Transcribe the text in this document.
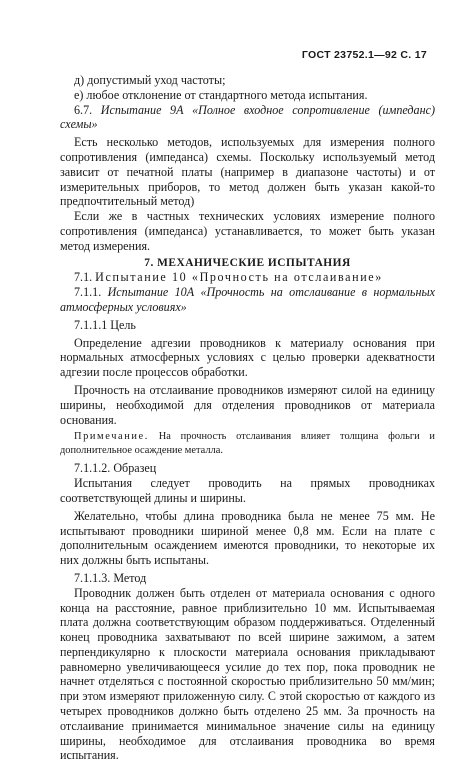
ГОСТ 23752.1—92 С. 17

д) допустимый уход частоты;

е) любое отклонение от стандартного метода испытания.

6.7. Испытание 9А «Полное входное сопротивление (импеданс) схемы»

Есть несколько методов, используемых для измерения полного сопротивления (импеданса) схемы. Поскольку используемый метод зависит от печатной платы (например в диапазоне частоты) и от измерительных приборов, то метод должен быть указан какой-то предпочтительный метод)

Если же в частных технических условиях измерение полного сопротивления (импеданса) устанавливается, то может быть указан метод измерения.

7. МЕХАНИЧЕСКИЕ ИСПЫТАНИЯ

7.1. Испытание 10 «Прочность на отслаивание»

7.1.1. Испытание 10А «Прочность на отслаивание в нормальных атмосферных условиях»

7.1.1.1 Цель

Определение адгезии проводников к материалу основания при нормальных атмосферных условиях с целью проверки адекватности адгезии после процессов обработки.

Прочность на отслаивание проводников измеряют силой на единицу ширины, необходимой для отделения проводников от материала основания.

Примечание. На прочность отслаивания влияет толщина фольги и дополнительное осаждение металла.

7.1.1.2. Образец

Испытания следует проводить на прямых проводниках соответствующей длины и ширины.

Желательно, чтобы длина проводника была не менее 75 мм. Не испытывают проводники шириной менее 0,8 мм. Если на плате с дополнительным осаждением имеются проводники, то некоторые их них должны быть испытаны.

7.1.1.3. Метод

Проводник должен быть отделен от материала основания с одного конца на расстояние, равное приблизительно 10 мм. Испытываемая плата должна соответствующим образом поддерживаться. Отделенный конец проводника захватывают по всей ширине зажимом, а затем перпендикулярно к плоскости материала основания прикладывают равномерно увеличивающееся усилие до тех пор, пока проводник не начнет отделяться с постоянной скоростью приблизительно 50 мм/мин; при этом измеряют приложенную силу. С этой скоростью от каждого из четырех проводников должно быть отделено 25 мм. За прочность на отслаивание принимается минимальное значение силы на единицу ширины, необходимое для отслаивания проводника во время испытания.
